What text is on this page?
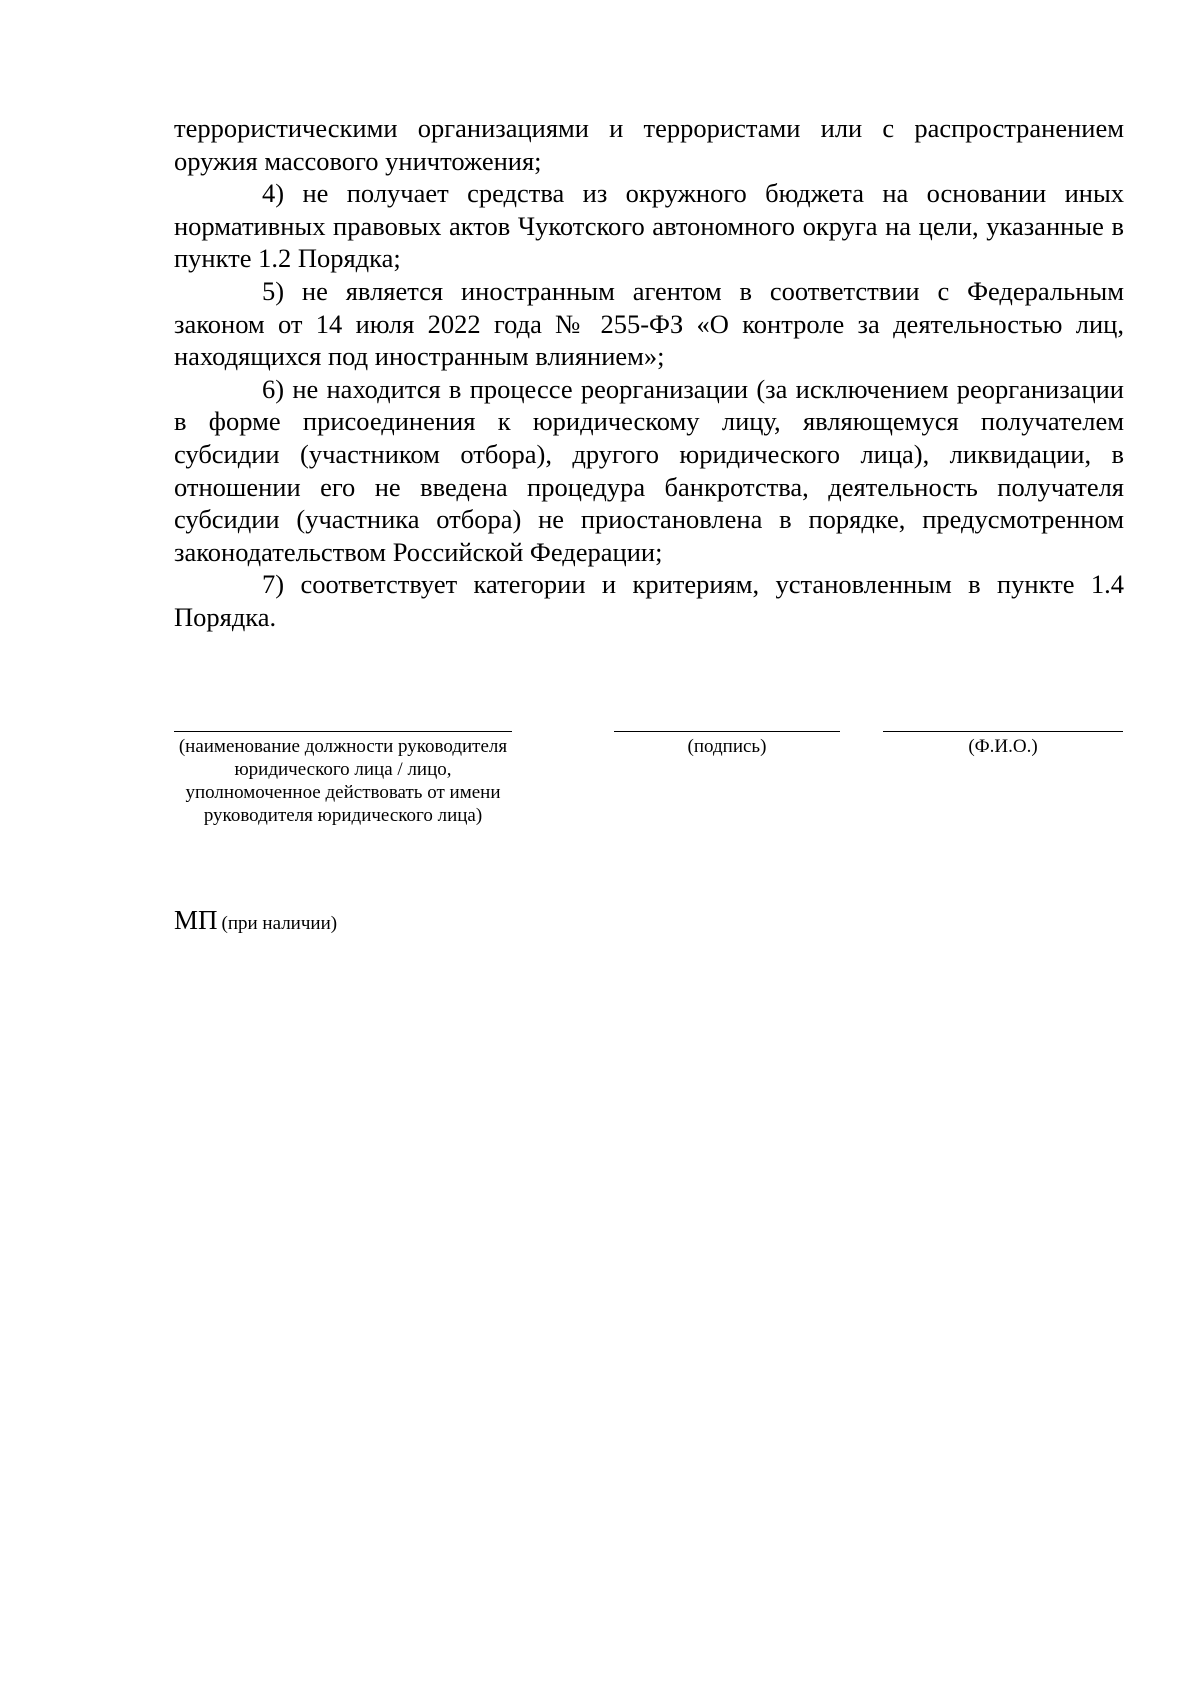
террористическими организациями и террористами или с распространением оружия массового уничтожения;

4) не получает средства из окружного бюджета на основании иных нормативных правовых актов Чукотского автономного округа на цели, указанные в пункте 1.2 Порядка;

5) не является иностранным агентом в соответствии с Федеральным законом от 14 июля 2022 года № 255-ФЗ «О контроле за деятельностью лиц, находящихся под иностранным влиянием»;

6) не находится в процессе реорганизации (за исключением реорганизации в форме присоединения к юридическому лицу, являющемуся получателем субсидии (участником отбора), другого юридического лица), ликвидации, в отношении его не введена процедура банкротства, деятельность получателя субсидии (участника отбора) не приостановлена в порядке, предусмотренном законодательством Российской Федерации;

7) соответствует категории и критериям, установленным в пункте 1.4 Порядка.

(наименование должности руководителя юридического лица / лицо, уполномоченное действовать от имени руководителя юридического лица)
(подпись)	(Ф.И.О.)
МП (при наличии)
